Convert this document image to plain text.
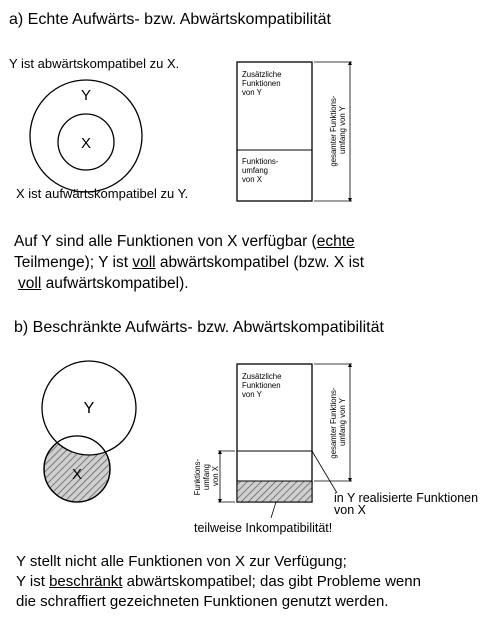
a) Echte Aufwärts- bzw. Abwärtskompatibilität
Y ist abwärtskompatibel zu X.
Y
X
X ist aufwärtskompatibel zu Y.
Zusätzliche Funktionen von Y
Funktions- umfang von X
gesamter Funktions- umfang von Y
b) Beschränkte Aufwärts- bzw. Abwärtskompatibilität
Y
X
Zusätzliche Funktionen von Y
Funktions- umfang von X
gesamter Funktions- umfang von Y
in Y realisierte Funktionen von X
teilweise Inkompatibilität!
Auf Y sind alle Funktionen von X verfügbar (echte
Teilmenge); Y ist voll abwärtskompatibel (bzw. X ist
voll aufwärtskompatibel).
Y stellt nicht alle Funktionen von X zur Verfügung;
Y ist beschränkt abwärtskompatibel; das gibt Probleme wenn
die schraffiert gezeichneten Funktionen genutzt werden.
